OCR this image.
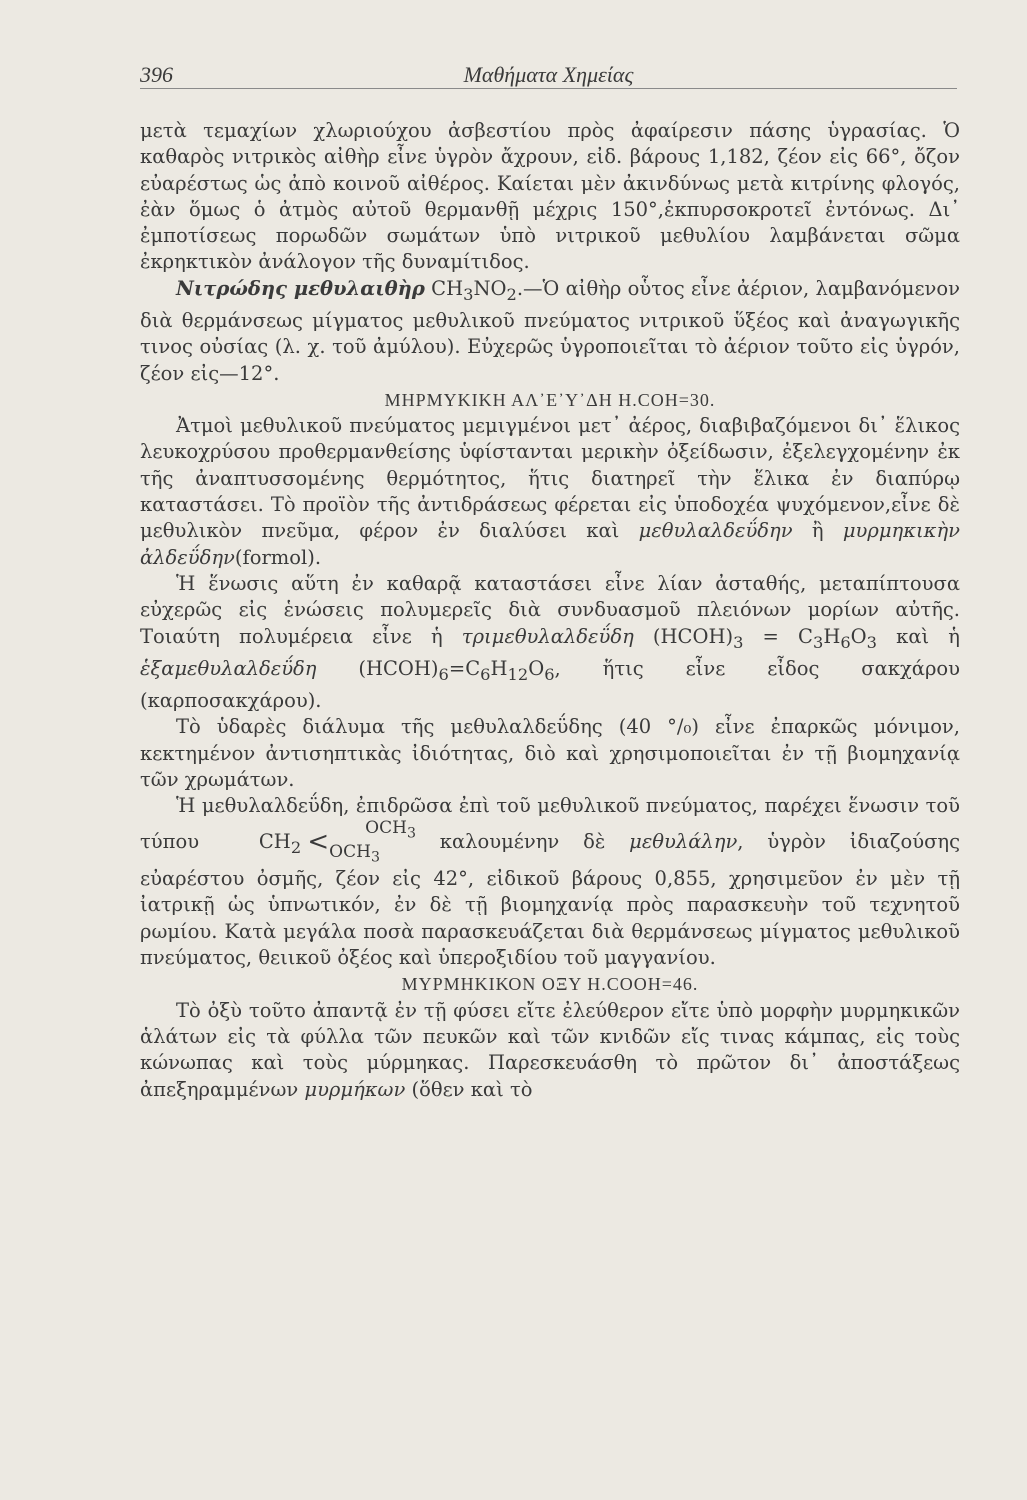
396	Μαθήματα Χημείας

μετὰ τεμαχίων χλωριούχου ἀσβεστίου πρὸς ἀφαίρεσιν πάσης ὑγρασίας. Ὁ καθαρὸς νιτρικὸς αἰθὴρ εἶνε ὑγρὸν ἄχρουν, εἰδ. βάρους 1,182, ζέον εἰς 66°, ὄζον εὐαρέστως ὡς ἀπὸ κοινοῦ αἰθέρος. Καίεται μὲν ἀκινδύνως μετὰ κιτρίνης φλογός, ἐὰν ὅμως ὁ ἀτμὸς αὐτοῦ θερμανθῇ μέχρις 150°,ἐκπυρσοκροτεῖ ἐντόνως. Δι᾽ ἐμποτίσεως πορωδῶν σωμάτων ὑπὸ νιτρικοῦ μεθυλίου λαμβάνεται σῶμα ἐκρηκτικὸν ἀνάλογον τῆς δυναμίτιδος.

Νιτρώδης μεθυλαιθὴρ $CH_3NO_2.—Ὁ$ αἰθὴρ οὗτος εἶνε ἀέριον, λαμβανόμενον διὰ θερμάνσεως μίγματος μεθυλικοῦ πνεύματος νιτρικοῦ ὕξέος καὶ ἀναγωγικῆς τινος οὐσίας (λ. χ. τοῦ ἀμύλου). Εὐχερῶς ὑγροποιεῖται τὸ ἀέριον τοῦτο εἰς ὑγρόν, ζέον εἰς—12°.

ΜΗΡΜΥΚΙΚΗ ΑΛ᾽Ε᾽Υ᾽ΔΗ Η.COH=30.

Ἀτμοὶ μεθυλικοῦ πνεύματος μεμιγμένοι μετ᾽ ἀέρος, διαβιβαζόμενοι δι᾽ ἕλικος λευκοχρύσου προθερμανθείσης ὑφίστανται μερικὴν ὀξείδωσιν, ἐξελεγχομένην ἐκ τῆς ἀναπτυσσομένης θερμότητος, ἥτις διατηρεῖ τὴν ἕλικα ἐν διαπύρῳ καταστάσει. Τὸ προϊὸν τῆς ἀντιδράσεως φέρεται εἰς ὑποδοχέα ψυχόμενον,εἶνε δὲ μεθυλικὸν πνεῦμα, φέρον ἐν διαλύσει καὶ μεθυλαλδεΰδην ἢ μυρμηκικὴν ἀλδεΰδην(formol).

Ἡ ἕνωσις αὕτη ἐν καθαρᾷ καταστάσει εἶνε λίαν ἀσταθής, μεταπίπτουσα εὐχερῶς εἰς ἑνώσεις πολυμερεῖς διὰ συνδυασμοῦ πλειόνων μορίων αὐτῆς. Τοιαύτη πολυμέρεια εἶνε ἡ τριμεθυλαλδεΰδη $(HCOH)_3 = C_3H_6O_3$ καὶ ἡ ἑξαμεθυλαλδεΰδη $(HCOH)_6=C_6H_{12}O_6$, ἥτις εἶνε εἶδος σακχάρου (καρποσακχάρου).

Τὸ ὑδαρὲς διάλυμα τῆς μεθυλαλδεΰδης (40 °/₀) εἶνε ἐπαρκῶς μόνιμον, κεκτημένον ἀντισηπτικὰς ἰδιότητας, διὸ καὶ χρησιμοποιεῖται ἐν τῇ βιομηχανίᾳ τῶν χρωμάτων.

Ἡ μεθυλαλδεΰδη, ἐπιδρῶσα ἐπὶ τοῦ μεθυλικοῦ πνεύματος, παρέχει ἕνωσιν τοῦ τύπου $CH_2 < OCH_3$
$OCH_3$ καλουμένην δὲ μεθυλάλην, ὑγρὸν ἰδιαζούσης εὐαρέστου ὀσμῆς, ζέον εἰς 42°, εἰδικοῦ βάρους 0,855, χρησιμεῦον ἐν μὲν τῇ ἰατρικῇ ὡς ὑπνωτικόν, ἐν δὲ τῇ βιομηχανίᾳ πρὸς παρασκευὴν τοῦ τεχνητοῦ ρωμίου. Κατὰ μεγάλα ποσὰ παρασκευάζεται διὰ θερμάνσεως μίγματος μεθυλικοῦ πνεύματος, θειικοῦ ὀξέος καὶ ὑπεροξιδίου τοῦ μαγγανίου.

ΜΥΡΜΗΚΙΚΟΝ ΟΞΥ Η.COOH=46.

Τὸ ὀξὺ τοῦτο ἀπαντᾷ ἐν τῇ φύσει εἴτε ἐλεύθερον εἴτε ὑπὸ μορφὴν μυρμηκικῶν ἁλάτων εἰς τὰ φύλλα τῶν πευκῶν καὶ τῶν κνιδῶν εἴς τινας κάμπας, εἰς τοὺς κώνωπας καὶ τοὺς μύρμηκας. Παρεσκευάσθη τὸ πρῶτον δι᾽ ἀποστάξεως ἀπεξηραμμένων μυρμήκων (ὅθεν καὶ τὸ
